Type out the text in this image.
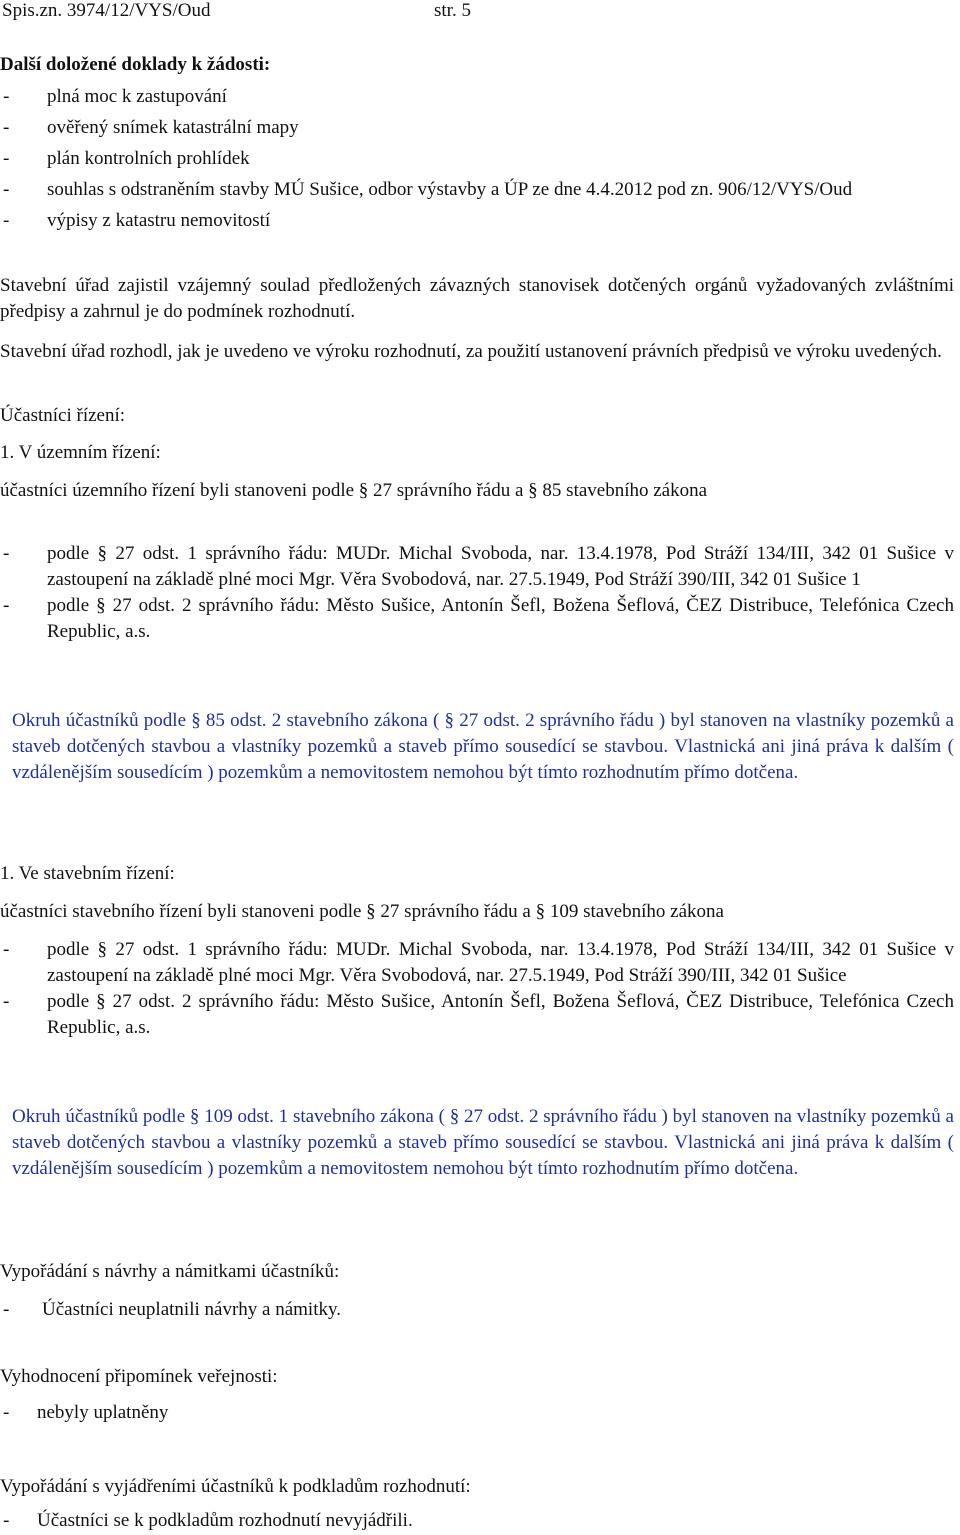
Spis.zn. 3974/12/VYS/Oud	str. 5
Další doložené doklady k žádosti:
- plná moc k zastupování
- ověřený snímek katastrální mapy
- plán kontrolních prohlídek
- souhlas s odstraněním stavby MÚ Sušice, odbor výstavby a ÚP ze dne 4.4.2012 pod zn. 906/12/VYS/Oud
- výpisy z katastru nemovitostí

Stavební úřad zajistil vzájemný soulad předložených závazných stanovisek dotčených orgánů vyžadovaných zvláštními předpisy a zahrnul je do podmínek rozhodnutí.

Stavební úřad rozhodl, jak je uvedeno ve výroku rozhodnutí, za použití ustanovení právních předpisů ve výroku uvedených.

Účastníci řízení:
1. V územním řízení:
účastníci územního řízení byli stanoveni podle § 27 správního řádu a § 85 stavebního zákona
- podle § 27 odst. 1 správního řádu: MUDr. Michal Svoboda, nar. 13.4.1978, Pod Stráží 134/III, 342 01 Sušice v zastoupení na základě plné moci Mgr. Věra Svobodová, nar. 27.5.1949, Pod Stráží 390/III, 342 01 Sušice 1
- podle § 27 odst. 2 správního řádu: Město Sušice, Antonín Šefl, Božena Šeflová, ČEZ Distribuce, Telefónica Czech Republic, a.s.

Okruh účastníků podle § 85 odst. 2 stavebního zákona ( § 27 odst. 2 správního řádu ) byl stanoven na vlastníky pozemků a staveb dotčených stavbou a vlastníky pozemků a staveb přímo sousedící se stavbou. Vlastnická ani jiná práva k dalším ( vzdálenějším sousedícím ) pozemkům a nemovitostem nemohou být tímto rozhodnutím přímo dotčena.

1. Ve stavebním řízení:
účastníci stavebního řízení byli stanoveni podle § 27 správního řádu a § 109 stavebního zákona
- podle § 27 odst. 1 správního řádu: MUDr. Michal Svoboda, nar. 13.4.1978, Pod Stráží 134/III, 342 01 Sušice v zastoupení na základě plné moci Mgr. Věra Svobodová, nar. 27.5.1949, Pod Stráží 390/III, 342 01 Sušice
- podle § 27 odst. 2 správního řádu: Město Sušice, Antonín Šefl, Božena Šeflová, ČEZ Distribuce, Telefónica Czech Republic, a.s.

Okruh účastníků podle § 109 odst. 1 stavebního zákona ( § 27 odst. 2 správního řádu ) byl stanoven na vlastníky pozemků a staveb dotčených stavbou a vlastníky pozemků a staveb přímo sousedící se stavbou. Vlastnická ani jiná práva k dalším ( vzdálenějším sousedícím ) pozemkům a nemovitostem nemohou být tímto rozhodnutím přímo dotčena.

Vypořádání s návrhy a námitkami účastníků:
- Účastníci neuplatnili návrhy a námitky.
Vyhodnocení připomínek veřejnosti:
- nebyly uplatněny
Vypořádání s vyjádřeními účastníků k podkladům rozhodnutí:
- Účastníci se k podkladům rozhodnutí nevyjádřili.
